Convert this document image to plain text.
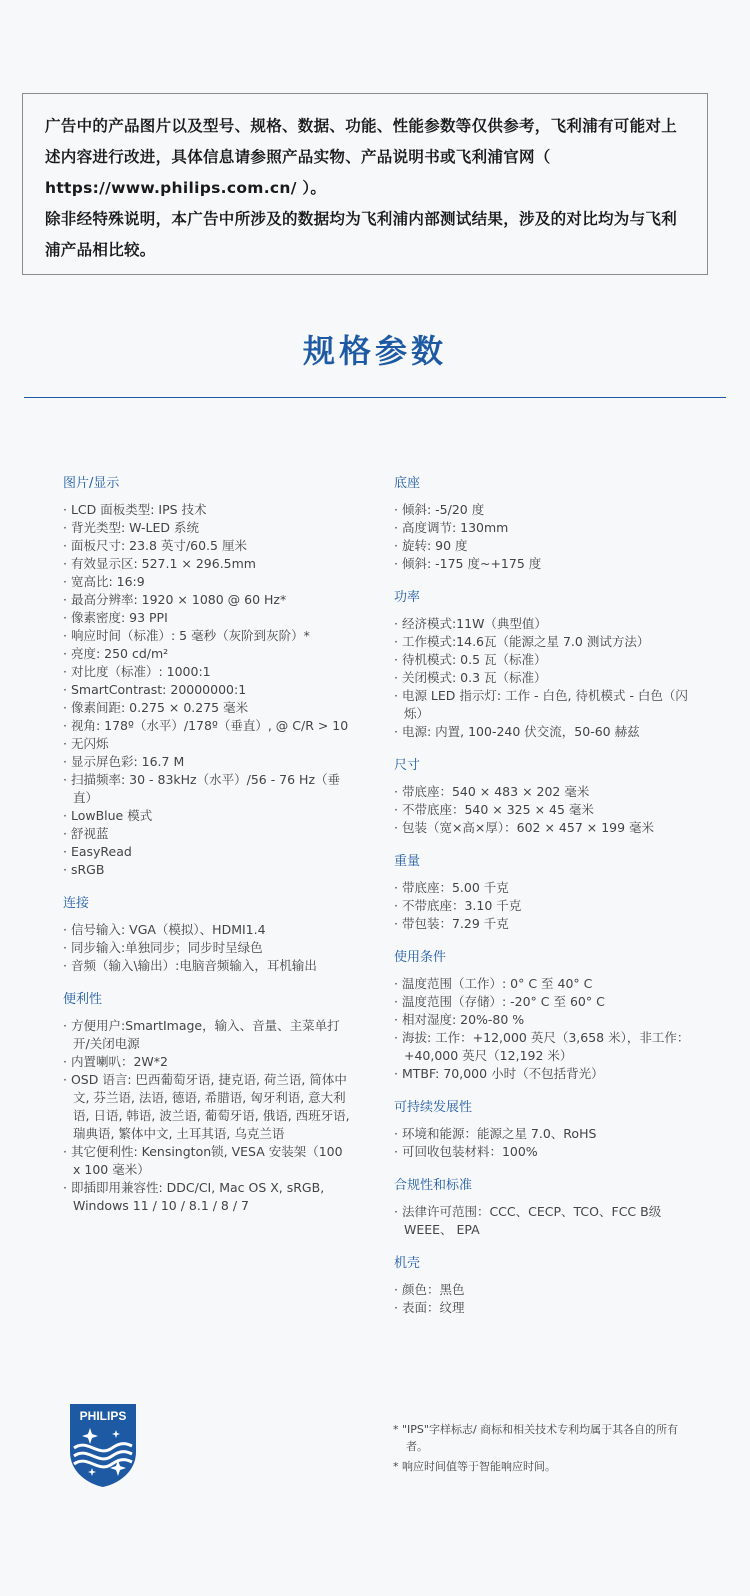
广告中的产品图片以及型号、规格、数据、功能、性能参数等仅供参考，飞利浦有可能对上述内容进行改进，具体信息请参照产品实物、产品说明书或飞利浦官网（ https://www.philips.com.cn/ ）。

除非经特殊说明，本广告中所涉及的数据均为飞利浦内部测试结果，涉及的对比均为与飞利浦产品相比较。

规格参数
图片/显示
· LCD 面板类型: IPS 技术
· 背光类型: W-LED 系统
· 面板尺寸: 23.8 英寸/60.5 厘米
· 有效显示区: 527.1 × 296.5mm
· 宽高比: 16:9
· 最高分辨率: 1920 × 1080 @ 60 Hz*
· 像素密度: 93 PPI
· 响应时间（标准）: 5 毫秒（灰阶到灰阶）*
· 亮度: 250 cd/m²
· 对比度（标准）: 1000:1
· SmartContrast: 20000000:1
· 像素间距: 0.275 × 0.275 毫米
· 视角: 178º（水平）/178º（垂直）, @ C/R > 10
· 无闪烁
· 显示屏色彩: 16.7 M
· 扫描频率: 30 - 83kHz（水平）/56 - 76 Hz（垂直）
· LowBlue 模式
· 舒视蓝
· EasyRead
· sRGB
连接
· 信号输入: VGA（模拟）、HDMI1.4
· 同步输入:单独同步；同步时呈绿色
· 音频（输入\输出）:电脑音频输入，耳机输出
便利性
· 方便用户:SmartImage，输入、音量、主菜单打开/关闭电源
· 内置喇叭：2W*2
· OSD 语言: 巴西葡萄牙语, 捷克语, 荷兰语, 简体中文, 芬兰语, 法语, 德语, 希腊语, 匈牙利语, 意大利语, 日语, 韩语, 波兰语, 葡萄牙语, 俄语, 西班牙语, 瑞典语, 繁体中文, 土耳其语, 乌克兰语
· 其它便利性: Kensington锁, VESA 安装架（100 x 100 毫米）
· 即插即用兼容性: DDC/CI, Mac OS X, sRGB, Windows 11 / 10 / 8.1 / 8 / 7
底座
· 倾斜: -5/20 度
· 高度调节: 130mm
· 旋转: 90 度
· 倾斜: -175 度~+175 度
功率
· 经济模式:11W（典型值）
· 工作模式:14.6瓦（能源之星 7.0 测试方法）
· 待机模式: 0.5 瓦（标准）
· 关闭模式: 0.3 瓦（标准）
· 电源 LED 指示灯: 工作 - 白色, 待机模式 - 白色（闪烁）
· 电源: 内置, 100-240 伏交流，50-60 赫兹
尺寸
· 带底座：540 × 483 × 202 毫米
· 不带底座：540 × 325 × 45 毫米
· 包装（宽×高×厚）：602 × 457 × 199 毫米
重量
· 带底座：5.00 千克
· 不带底座：3.10 千克
· 带包装：7.29 千克
使用条件
· 温度范围（工作）: 0° C 至 40° C
· 温度范围（存储）: -20° C 至 60° C
· 相对湿度: 20%-80 %
· 海拔: 工作：+12,000 英尺（3,658 米），非工作：+40,000 英尺（12,192 米）
· MTBF: 70,000 小时（不包括背光）
可持续发展性
· 环境和能源：能源之星 7.0、RoHS
· 可回收包装材料：100%
合规性和标准
· 法律许可范围：CCC、CECP、TCO、FCC B级 WEEE、 EPA
机壳
· 颜色：黑色
· 表面：纹理
PHILIPS
* "IPS"字样标志/ 商标和相关技术专利均属于其各自的所有者。
* 响应时间值等于智能响应时间。
